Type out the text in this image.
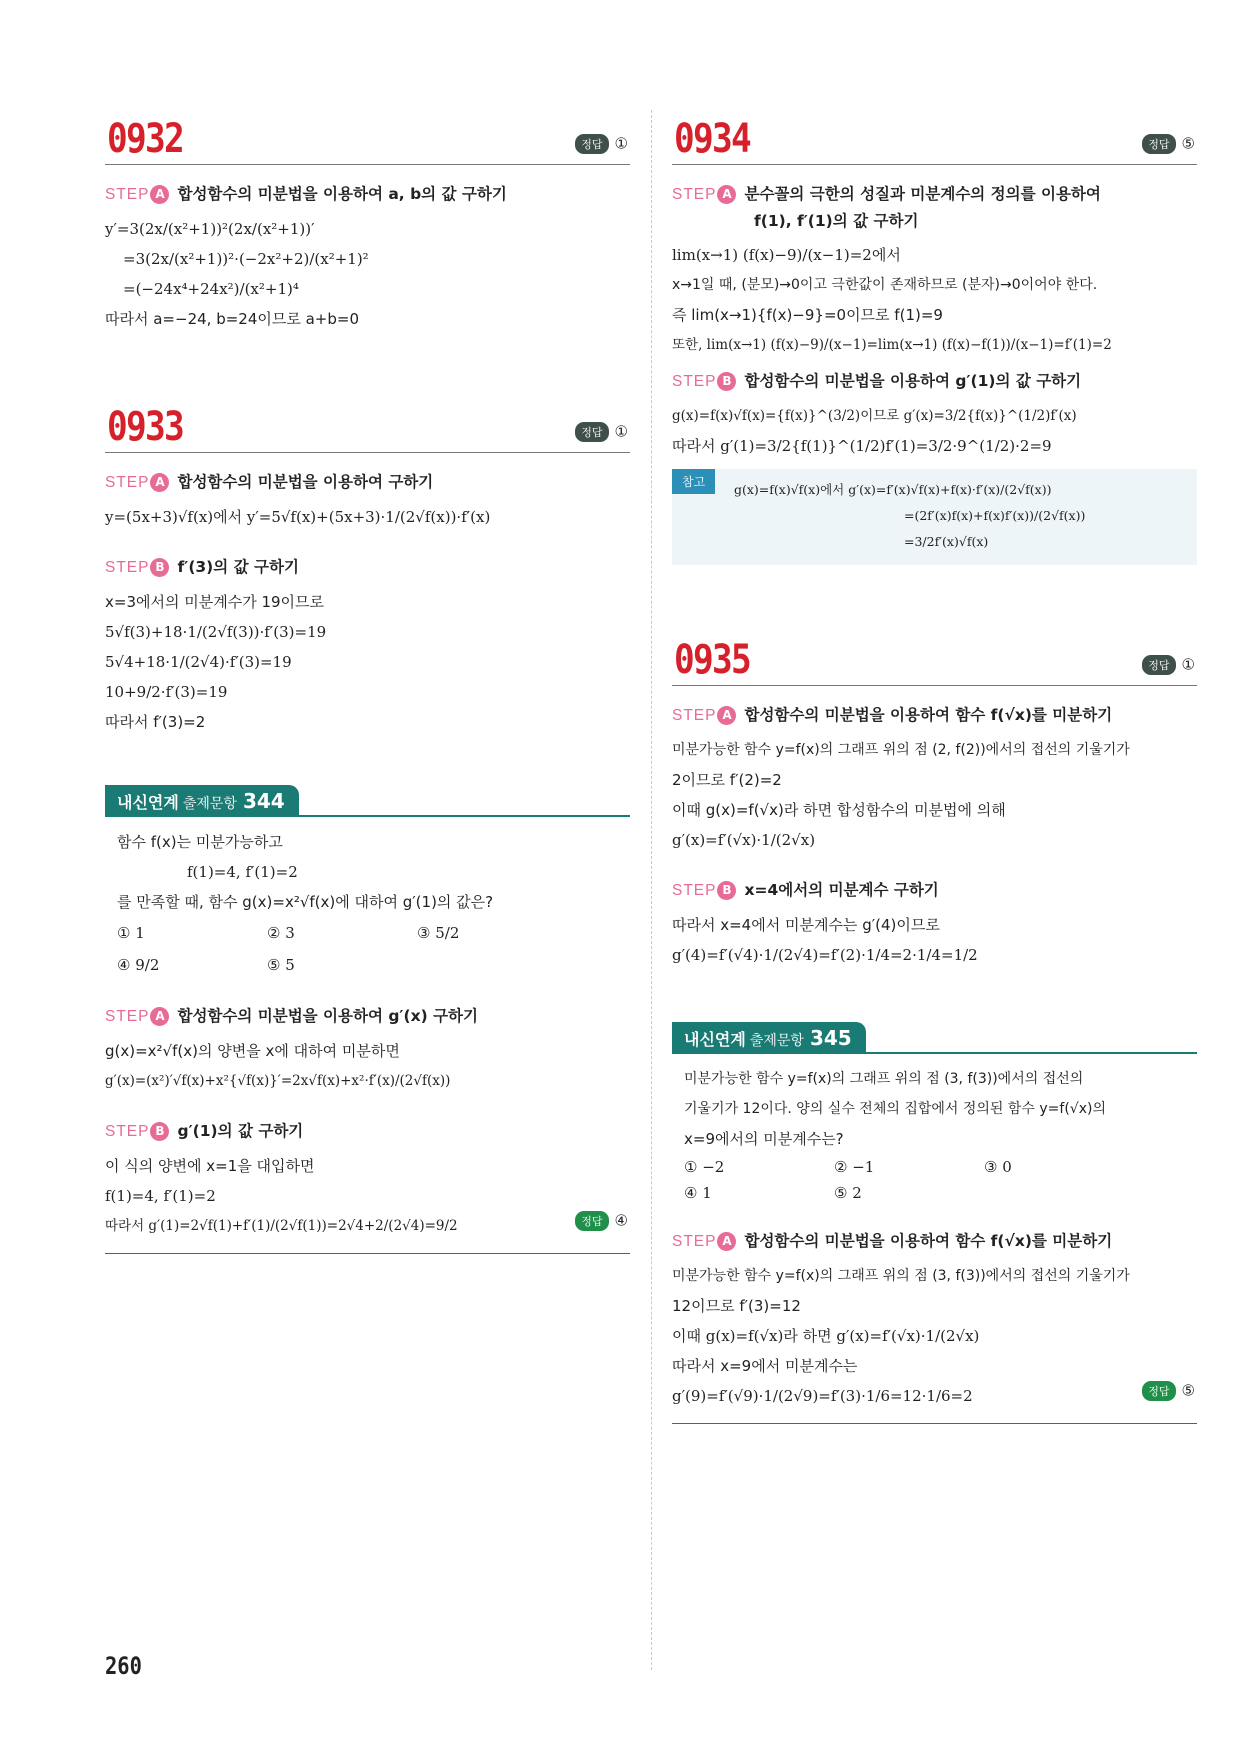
0932	정답 ①
STEP A 합성함수의 미분법을 이용하여 a, b의 값 구하기
y′=3(2x/(x²+1))²(2x/(x²+1))′
=3(2x/(x²+1))²·(−2x²+2)/(x²+1)²
=(−24x⁴+24x²)/(x²+1)⁴
따라서 a=−24, b=24이므로 a+b=0
0933	정답 ①
STEP A 합성함수의 미분법을 이용하여 구하기
y=(5x+3)√f(x)에서 y′=5√f(x)+(5x+3)·1/(2√f(x))·f′(x)
STEP B f′(3)의 값 구하기
x=3에서의 미분계수가 19이므로
5√f(3)+18·1/(2√f(3))·f′(3)=19
5√4+18·1/(2√4)·f′(3)=19
10+9/2·f′(3)=19
따라서 f′(3)=2
내신연계 출제문항 344
함수 f(x)는 미분가능하고
f(1)=4, f′(1)=2
를 만족할 때, 함수 g(x)=x²√f(x)에 대하여 g′(1)의 값은?
① 1	② 3	③ 5/2
④ 9/2	⑤ 5
STEP A 합성함수의 미분법을 이용하여 g′(x) 구하기
g(x)=x²√f(x)의 양변을 x에 대하여 미분하면
g′(x)=(x²)′√f(x)+x²{√f(x)}′=2x√f(x)+x²·f′(x)/(2√f(x))
STEP B g′(1)의 값 구하기
이 식의 양변에 x=1을 대입하면
f(1)=4, f′(1)=2
따라서 g′(1)=2√f(1)+f′(1)/(2√f(1))=2√4+2/(2√4)=9/2	정답 ④
0934	정답 ⑤
STEP A 분수꼴의 극한의 성질과 미분계수의 정의를 이용하여
f(1), f′(1)의 값 구하기
lim(x→1) (f(x)−9)/(x−1)=2에서
x→1일 때, (분모)→0이고 극한값이 존재하므로 (분자)→0이어야 한다.
즉 lim(x→1){f(x)−9}=0이므로 f(1)=9
또한, lim(x→1) (f(x)−9)/(x−1)=lim(x→1) (f(x)−f(1))/(x−1)=f′(1)=2
STEP B 합성함수의 미분법을 이용하여 g′(1)의 값 구하기
g(x)=f(x)√f(x)={f(x)}^(3/2)이므로 g′(x)=3/2{f(x)}^(1/2)f′(x)
따라서 g′(1)=3/2{f(1)}^(1/2)f′(1)=3/2·9^(1/2)·2=9
참고	g(x)=f(x)√f(x)에서 g′(x)=f′(x)√f(x)+f(x)·f′(x)/(2√f(x))
=(2f′(x)f(x)+f(x)f′(x))/(2√f(x))
=3/2f′(x)√f(x)
0935	정답 ①
STEP A 합성함수의 미분법을 이용하여 함수 f(√x)를 미분하기
미분가능한 함수 y=f(x)의 그래프 위의 점 (2, f(2))에서의 접선의 기울기가
2이므로 f′(2)=2
이때 g(x)=f(√x)라 하면 합성함수의 미분법에 의해
g′(x)=f′(√x)·1/(2√x)
STEP B x=4에서의 미분계수 구하기
따라서 x=4에서 미분계수는 g′(4)이므로
g′(4)=f′(√4)·1/(2√4)=f′(2)·1/4=2·1/4=1/2
내신연계 출제문항 345
미분가능한 함수 y=f(x)의 그래프 위의 점 (3, f(3))에서의 접선의
기울기가 12이다. 양의 실수 전체의 집합에서 정의된 함수 y=f(√x)의
x=9에서의 미분계수는?
① −2	② −1	③ 0
④ 1	⑤ 2
STEP A 합성함수의 미분법을 이용하여 함수 f(√x)를 미분하기
미분가능한 함수 y=f(x)의 그래프 위의 점 (3, f(3))에서의 접선의 기울기가
12이므로 f′(3)=12
이때 g(x)=f(√x)라 하면 g′(x)=f′(√x)·1/(2√x)
따라서 x=9에서 미분계수는
g′(9)=f′(√9)·1/(2√9)=f′(3)·1/6=12·1/6=2	정답 ⑤
260
